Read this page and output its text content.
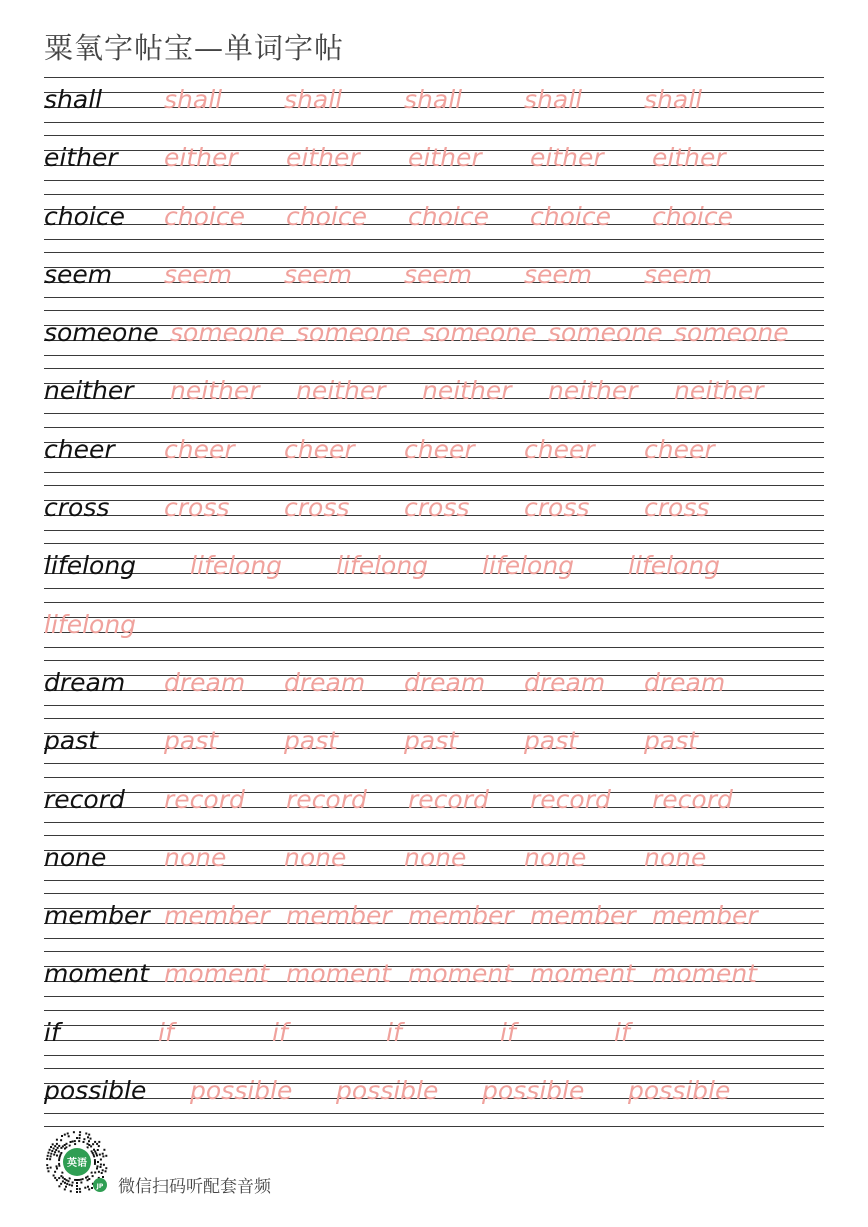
粟氧字帖宝—单词字帖
shall shall shall shall shall shall
either either either either either either
choice choice choice choice choice choice
seem seem seem seem seem seem
someone someone someone someone someone someone
neither neither neither neither neither neither
cheer cheer cheer cheer cheer cheer
cross cross cross cross cross cross
lifelong lifelong lifelong lifelong lifelong
lifelong
dream dream dream dream dream dream
past	past	past	past	past	past
record record record record record record
none none none none none none
member member member member member member
moment moment moment moment moment moment
if	if	if	if	if	if
possible possible possible possible possible
英语
JP 微信扫码听配套音频
